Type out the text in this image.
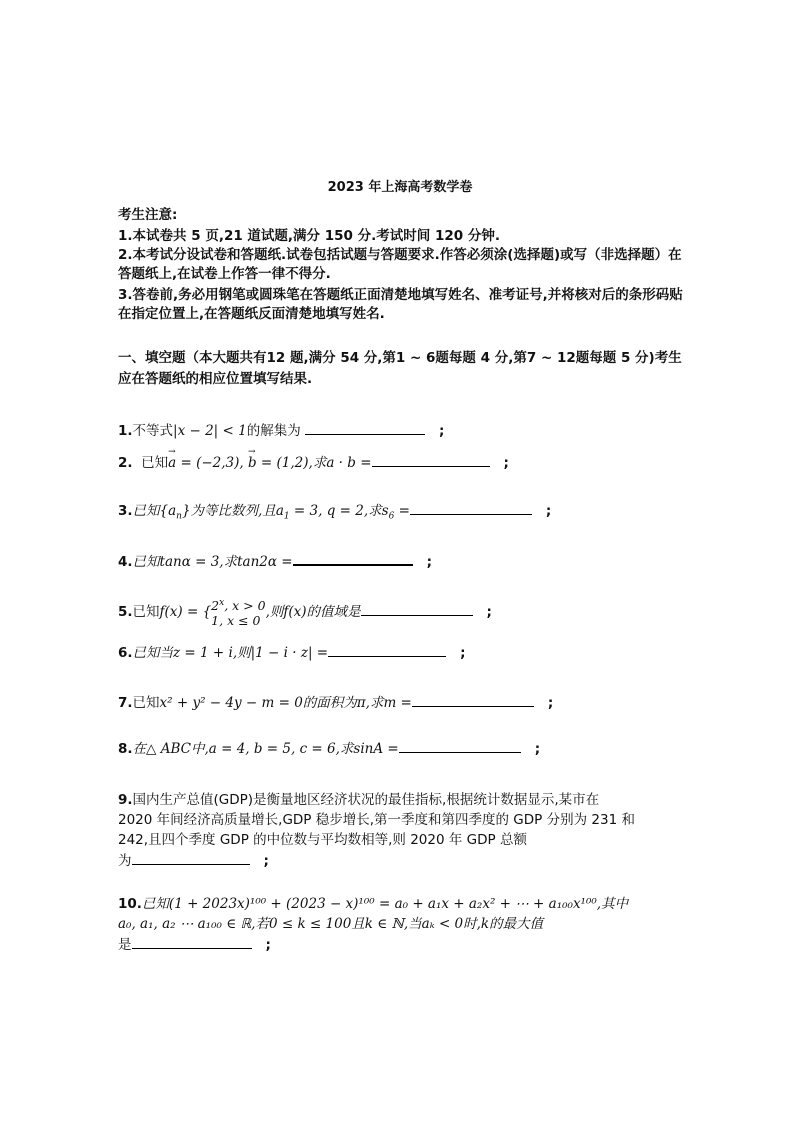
2023 年上海高考数学卷
考生注意:
1.本试卷共 5 页,21 道试题,满分 150 分.考试时间 120 分钟.
2.本考试分设试卷和答题纸.试卷包括试题与答题要求.作答必须涂(选择题)或写（非选择题）在答题纸上,在试卷上作答一律不得分.
3.答卷前,务必用钢笔或圆珠笔在答题纸正面清楚地填写姓名、准考证号,并将核对后的条形码贴在指定位置上,在答题纸反面清楚地填写姓名.
一、填空题（本大题共有12 题,满分 54 分,第1 ~ 6题每题 4 分,第7 ~ 12题每题 5 分)考生应在答题纸的相应位置填写结果.
1.不等式|x − 2| < 1的解集为	;
2. 已知→ a = (−2,3), → b = (1,2),求a · b =	;
3.已知$\{a_n\}$为等比数列,且$a_1 = 3$, q = 2,求$s_6$ =	;
4.已知tanα = 3,求tan2α =	;
5.已知$f(x) = \{2^x$, x > 0
1, x ≤ 0,则f(x)的值域是	;
6.已知当z = 1 + i,则|1 − i · z| =	;
7.已知x² + y² − 4y − m = 0的面积为π,求m =	;
8.在△ ABC中,a = 4, b = 5, c = 6,求sinA =	;
9.国内生产总值(GDP)是衡量地区经济状况的最佳指标,根据统计数据显示,某市在
2020 年间经济高质量增长,GDP 稳步增长,第一季度和第四季度的 GDP 分别为 231 和
242,且四个季度 GDP 的中位数与平均数相等,则 2020 年 GDP 总额
为	;
10.已知(1 + 2023x)¹⁰⁰ + (2023 − x)¹⁰⁰ = a₀ + a₁x + a₂x² + ⋯ + a₁₀₀x¹⁰⁰,其中
a₀, a₁, a₂ ⋯ a₁₀₀ ∈ ℝ,若0 ≤ k ≤ 100且k ∈ ℕ,当aₖ < 0时,k的最大值
是	;
